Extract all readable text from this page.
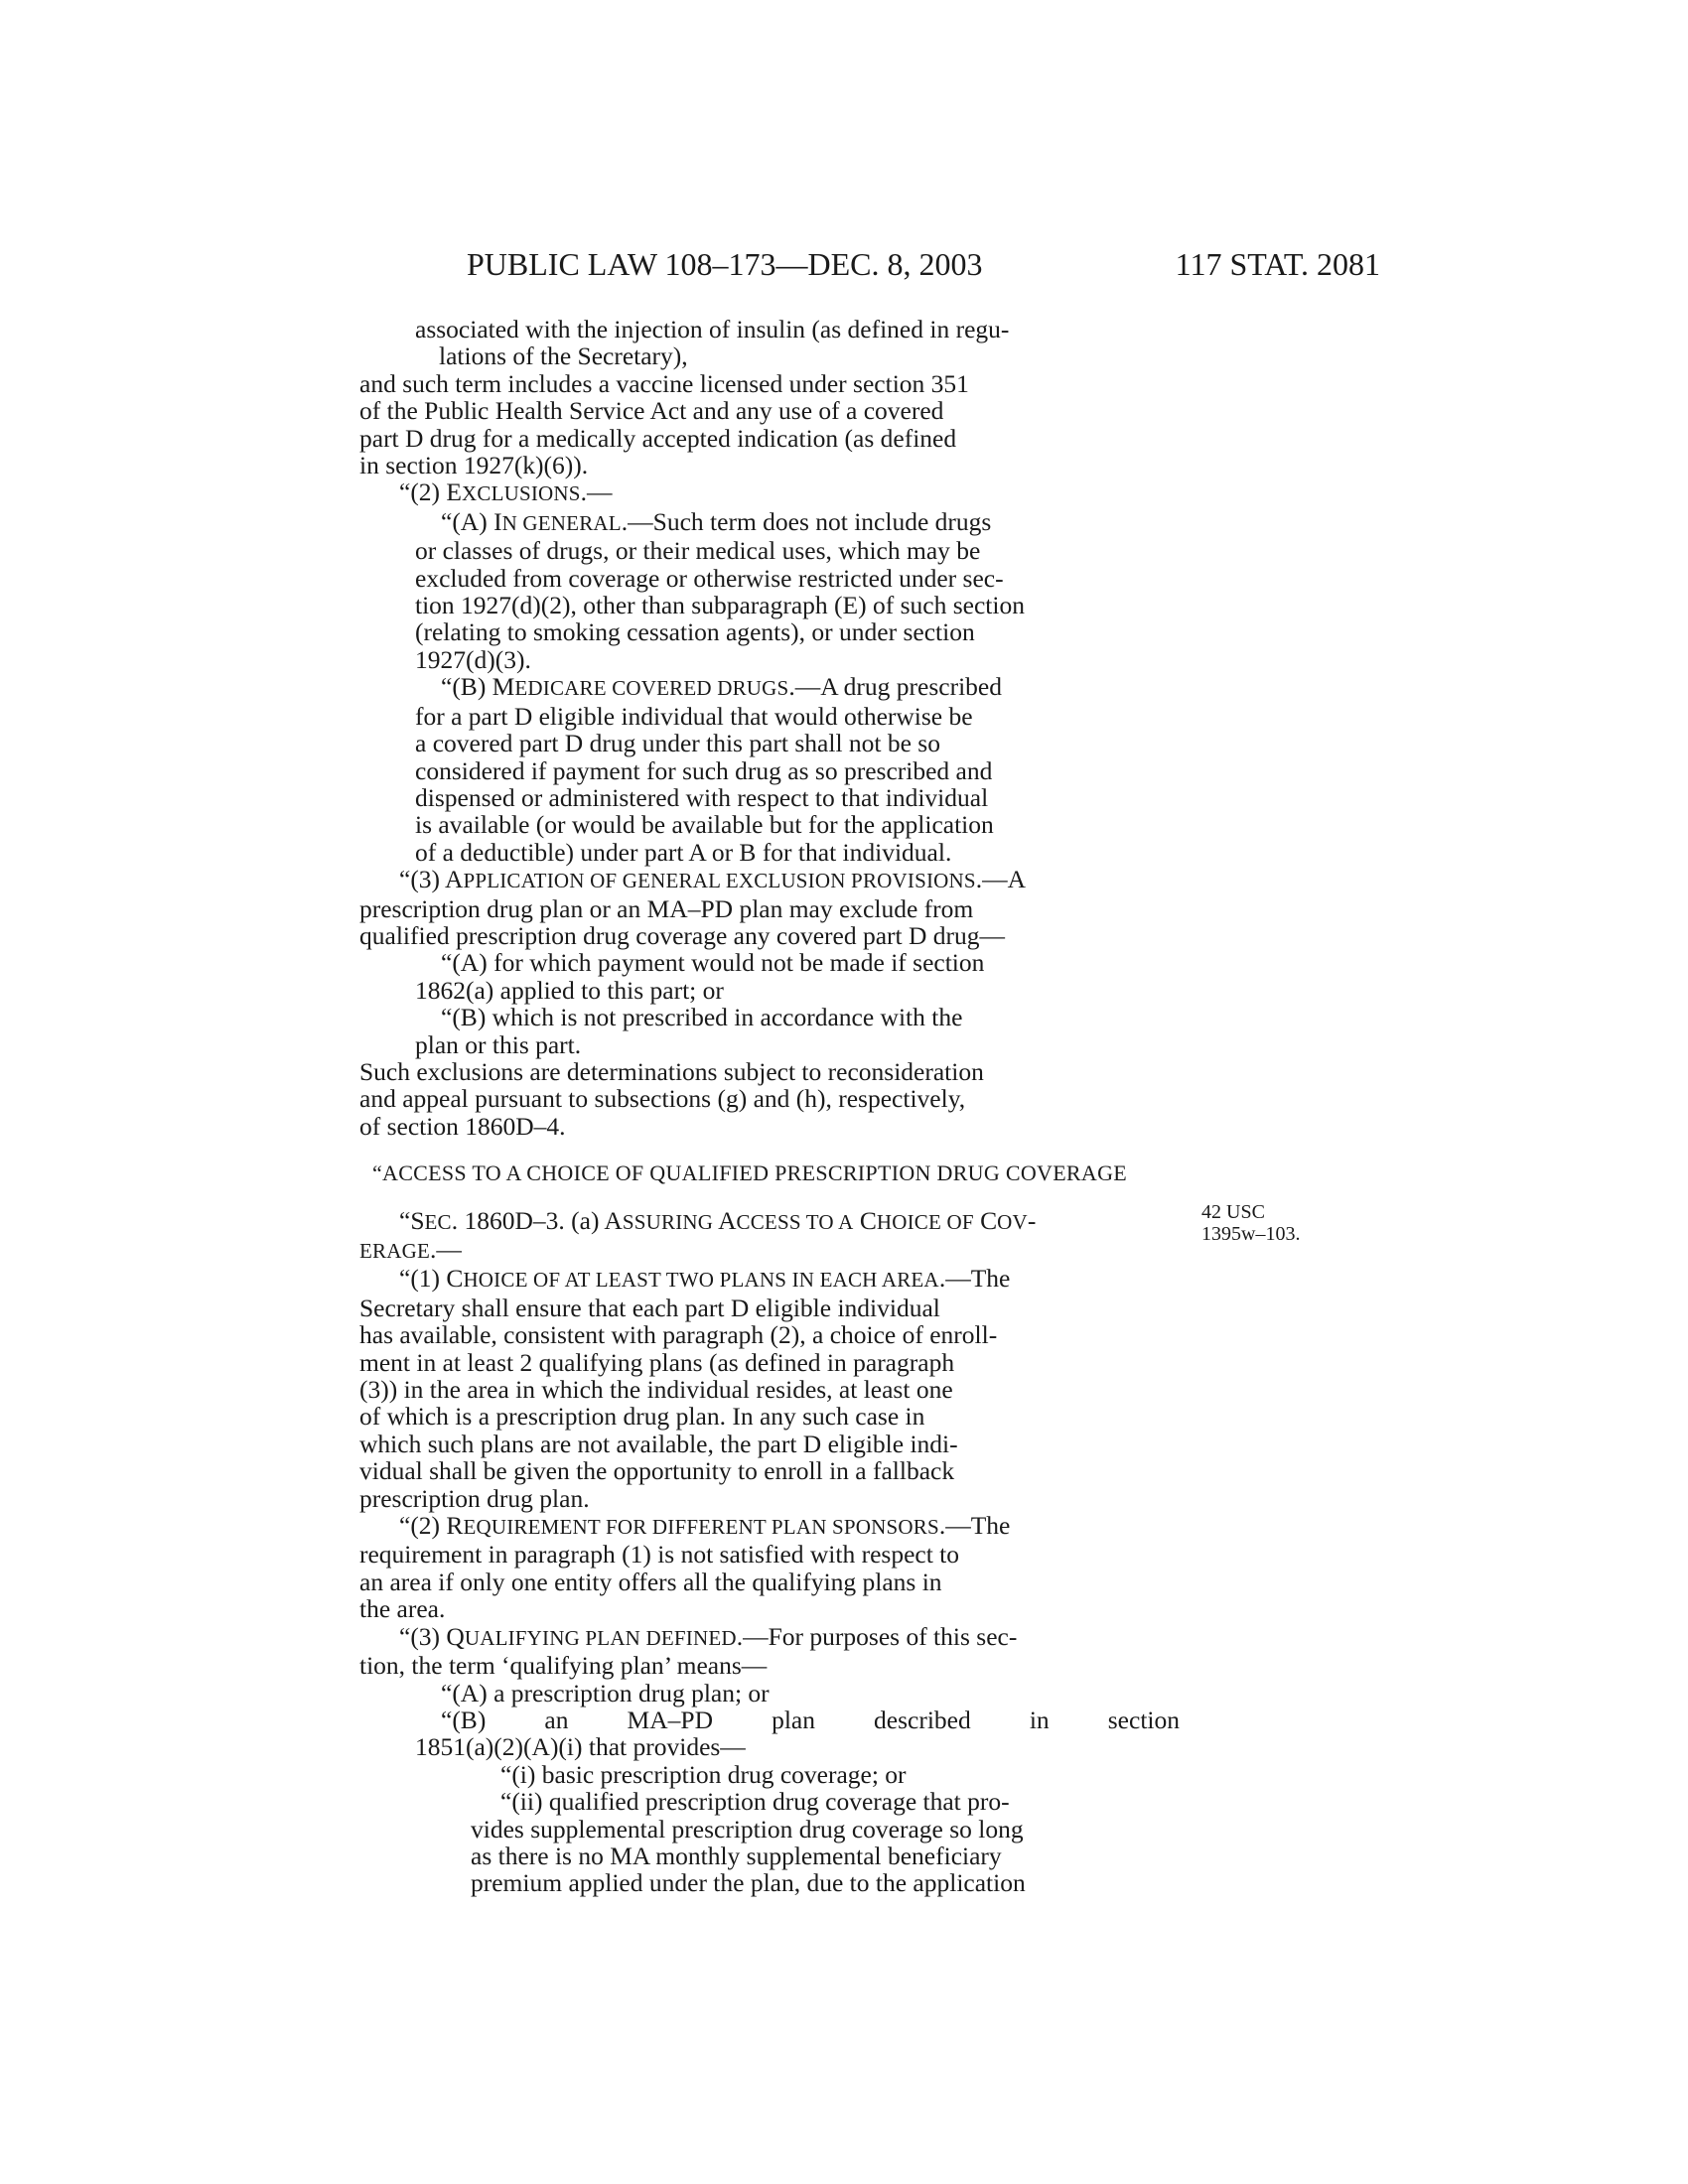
PUBLIC LAW 108–173—DEC. 8, 2003	117 STAT. 2081
42 USC
1395w–103.
associated with the injection of insulin (as defined in regu-
lations of the Secretary),
and such term includes a vaccine licensed under section 351
of the Public Health Service Act and any use of a covered
part D drug for a medically accepted indication (as defined
in section 1927(k)(6)).
“(2) EXCLUSIONS.—
“(A) IN GENERAL.—Such term does not include drugs
or classes of drugs, or their medical uses, which may be
excluded from coverage or otherwise restricted under sec-
tion 1927(d)(2), other than subparagraph (E) of such section
(relating to smoking cessation agents), or under section
1927(d)(3).
“(B) MEDICARE COVERED DRUGS.—A drug prescribed
for a part D eligible individual that would otherwise be
a covered part D drug under this part shall not be so
considered if payment for such drug as so prescribed and
dispensed or administered with respect to that individual
is available (or would be available but for the application
of a deductible) under part A or B for that individual.
“(3) APPLICATION OF GENERAL EXCLUSION PROVISIONS.—A
prescription drug plan or an MA–PD plan may exclude from
qualified prescription drug coverage any covered part D drug—
“(A) for which payment would not be made if section
1862(a) applied to this part; or
“(B) which is not prescribed in accordance with the
plan or this part.
Such exclusions are determinations subject to reconsideration
and appeal pursuant to subsections (g) and (h), respectively,
of section 1860D–4.
“ACCESS TO A CHOICE OF QUALIFIED PRESCRIPTION DRUG COVERAGE
“SEC. 1860D–3. (a) ASSURING ACCESS TO A CHOICE OF COV-
ERAGE.—
“(1) CHOICE OF AT LEAST TWO PLANS IN EACH AREA.—The
Secretary shall ensure that each part D eligible individual
has available, consistent with paragraph (2), a choice of enroll-
ment in at least 2 qualifying plans (as defined in paragraph
(3)) in the area in which the individual resides, at least one
of which is a prescription drug plan. In any such case in
which such plans are not available, the part D eligible indi-
vidual shall be given the opportunity to enroll in a fallback
prescription drug plan.
“(2) REQUIREMENT FOR DIFFERENT PLAN SPONSORS.—The
requirement in paragraph (1) is not satisfied with respect to
an area if only one entity offers all the qualifying plans in
the area.
“(3) QUALIFYING PLAN DEFINED.—For purposes of this sec-
tion, the term ‘qualifying plan’ means—
“(A) a prescription drug plan; or
“(B) an MA–PD plan described in section
1851(a)(2)(A)(i) that provides—
“(i) basic prescription drug coverage; or
“(ii) qualified prescription drug coverage that pro-
vides supplemental prescription drug coverage so long
as there is no MA monthly supplemental beneficiary
premium applied under the plan, due to the application
